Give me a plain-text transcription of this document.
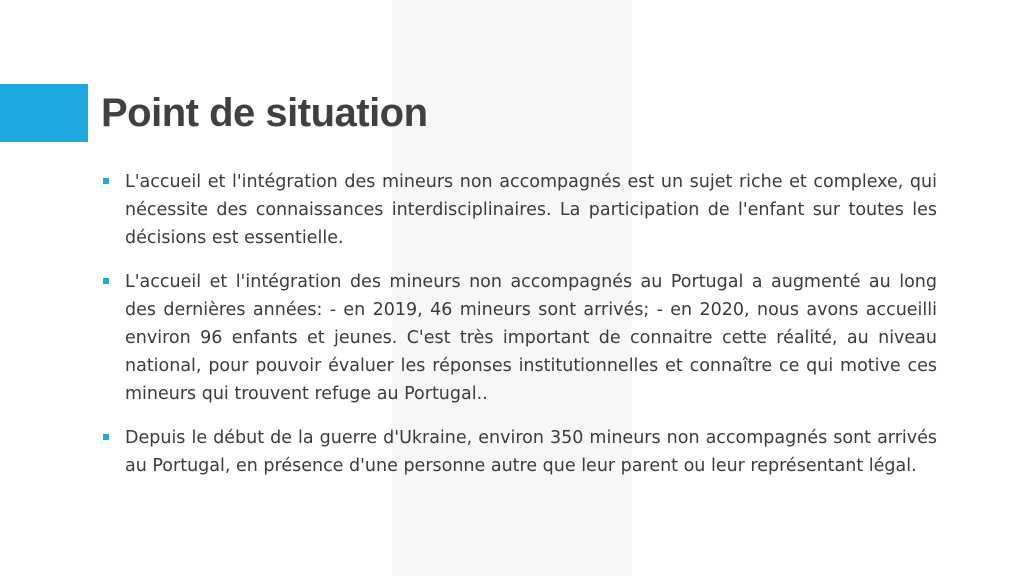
Point de situation
L'accueil et l'intégration des mineurs non accompagnés est un sujet riche et complexe, qui nécessite des connaissances interdisciplinaires. La participation de l'enfant sur toutes les décisions est essentielle.
L'accueil et l'intégration des mineurs non accompagnés au Portugal a augmenté au long des dernières années: - en 2019, 46 mineurs sont arrivés; - en 2020, nous avons accueilli environ 96 enfants et jeunes. C'est très important de connaitre cette réalité, au niveau national, pour pouvoir évaluer les réponses institutionnelles et connaître ce qui motive ces mineurs qui trouvent refuge au Portugal..
Depuis le début de la guerre d'Ukraine, environ 350 mineurs non accompagnés sont arrivés au Portugal, en présence d'une personne autre que leur parent ou leur représentant légal.
